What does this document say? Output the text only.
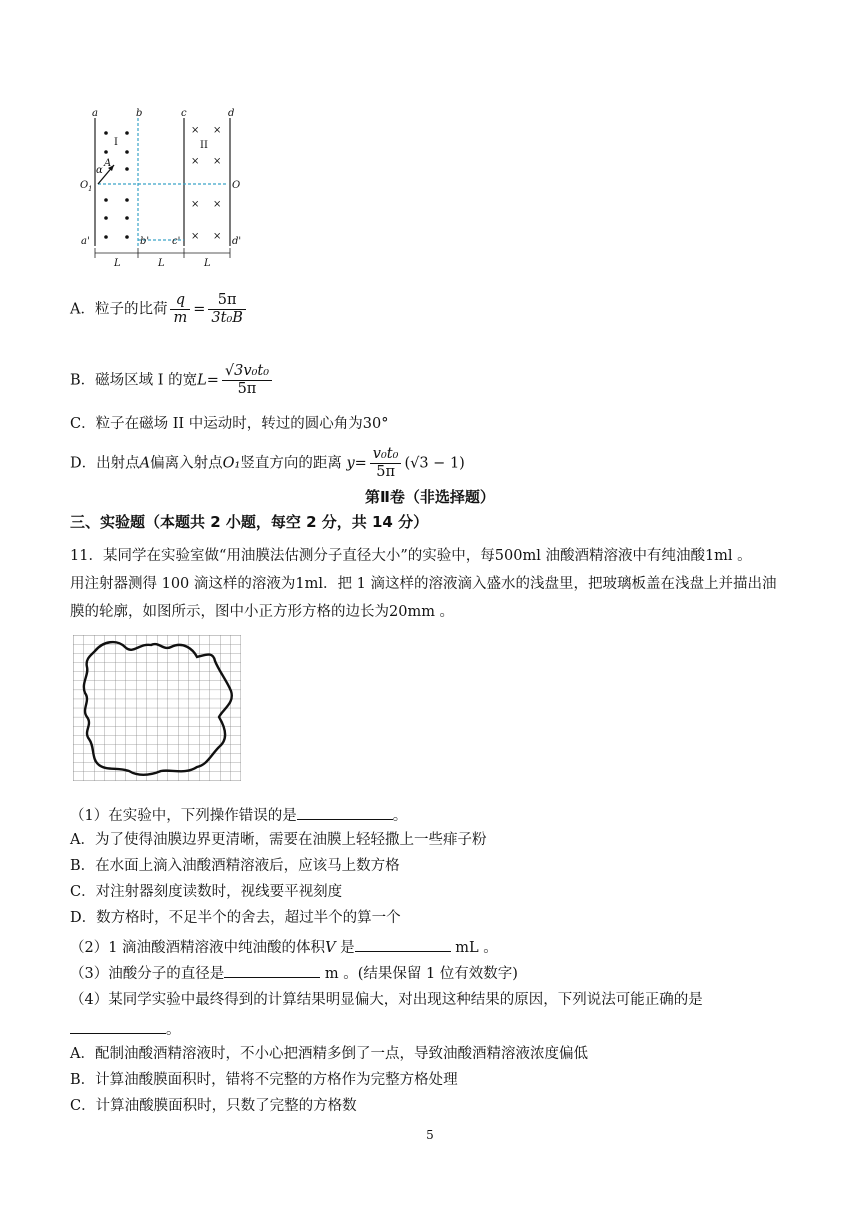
× ×
× ×
× ×
× ×
a	b	c	d
a'	b' c'	d'
O 1	O
α
A
L	L	L
I	II
A．粒子的比荷 $\frac{q}{m} = \frac{5\pi}{\text{3t₀B}}$
B．磁场区域 I 的宽$L= \frac{\text{√3v₀t₀}}{5\pi}$
C．粒子在磁场 II 中运动时，转过的圆心角为30°
D．出射点A偏离入射点O₁竖直方向的距离 $y= \frac{\text{v₀t₀}}{5\pi} (√3 - 1)$
第Ⅱ卷（非选择题）
三、实验题（本题共 2 小题，每空 2 分，共 14 分）
11．某同学在实验室做“用油膜法估测分子直径大小”的实验中，每500ml 油酸酒精溶液中有纯油酸1ml 。
用注射器测得 100 滴这样的溶液为1ml．把 1 滴这样的溶液滴入盛水的浅盘里，把玻璃板盖在浅盘上并描出油
膜的轮廓，如图所示，图中小正方形方格的边长为20mm 。
（1）在实验中，下列操作错误的是	。
A．为了使得油膜边界更清晰，需要在油膜上轻轻撒上一些痱子粉
B．在水面上滴入油酸酒精溶液后，应该马上数方格
C．对注射器刻度读数时，视线要平视刻度
D．数方格时，不足半个的舍去，超过半个的算一个
（2）1 滴油酸酒精溶液中纯油酸的体积V 是	mL 。
（3）油酸分子的直径是	m 。(结果保留 1 位有效数字)
（4）某同学实验中最终得到的计算结果明显偏大，对出现这种结果的原因，下列说法可能正确的是
。
A．配制油酸酒精溶液时，不小心把酒精多倒了一点，导致油酸酒精溶液浓度偏低
B．计算油酸膜面积时，错将不完整的方格作为完整方格处理
C．计算油酸膜面积时，只数了完整的方格数
5
